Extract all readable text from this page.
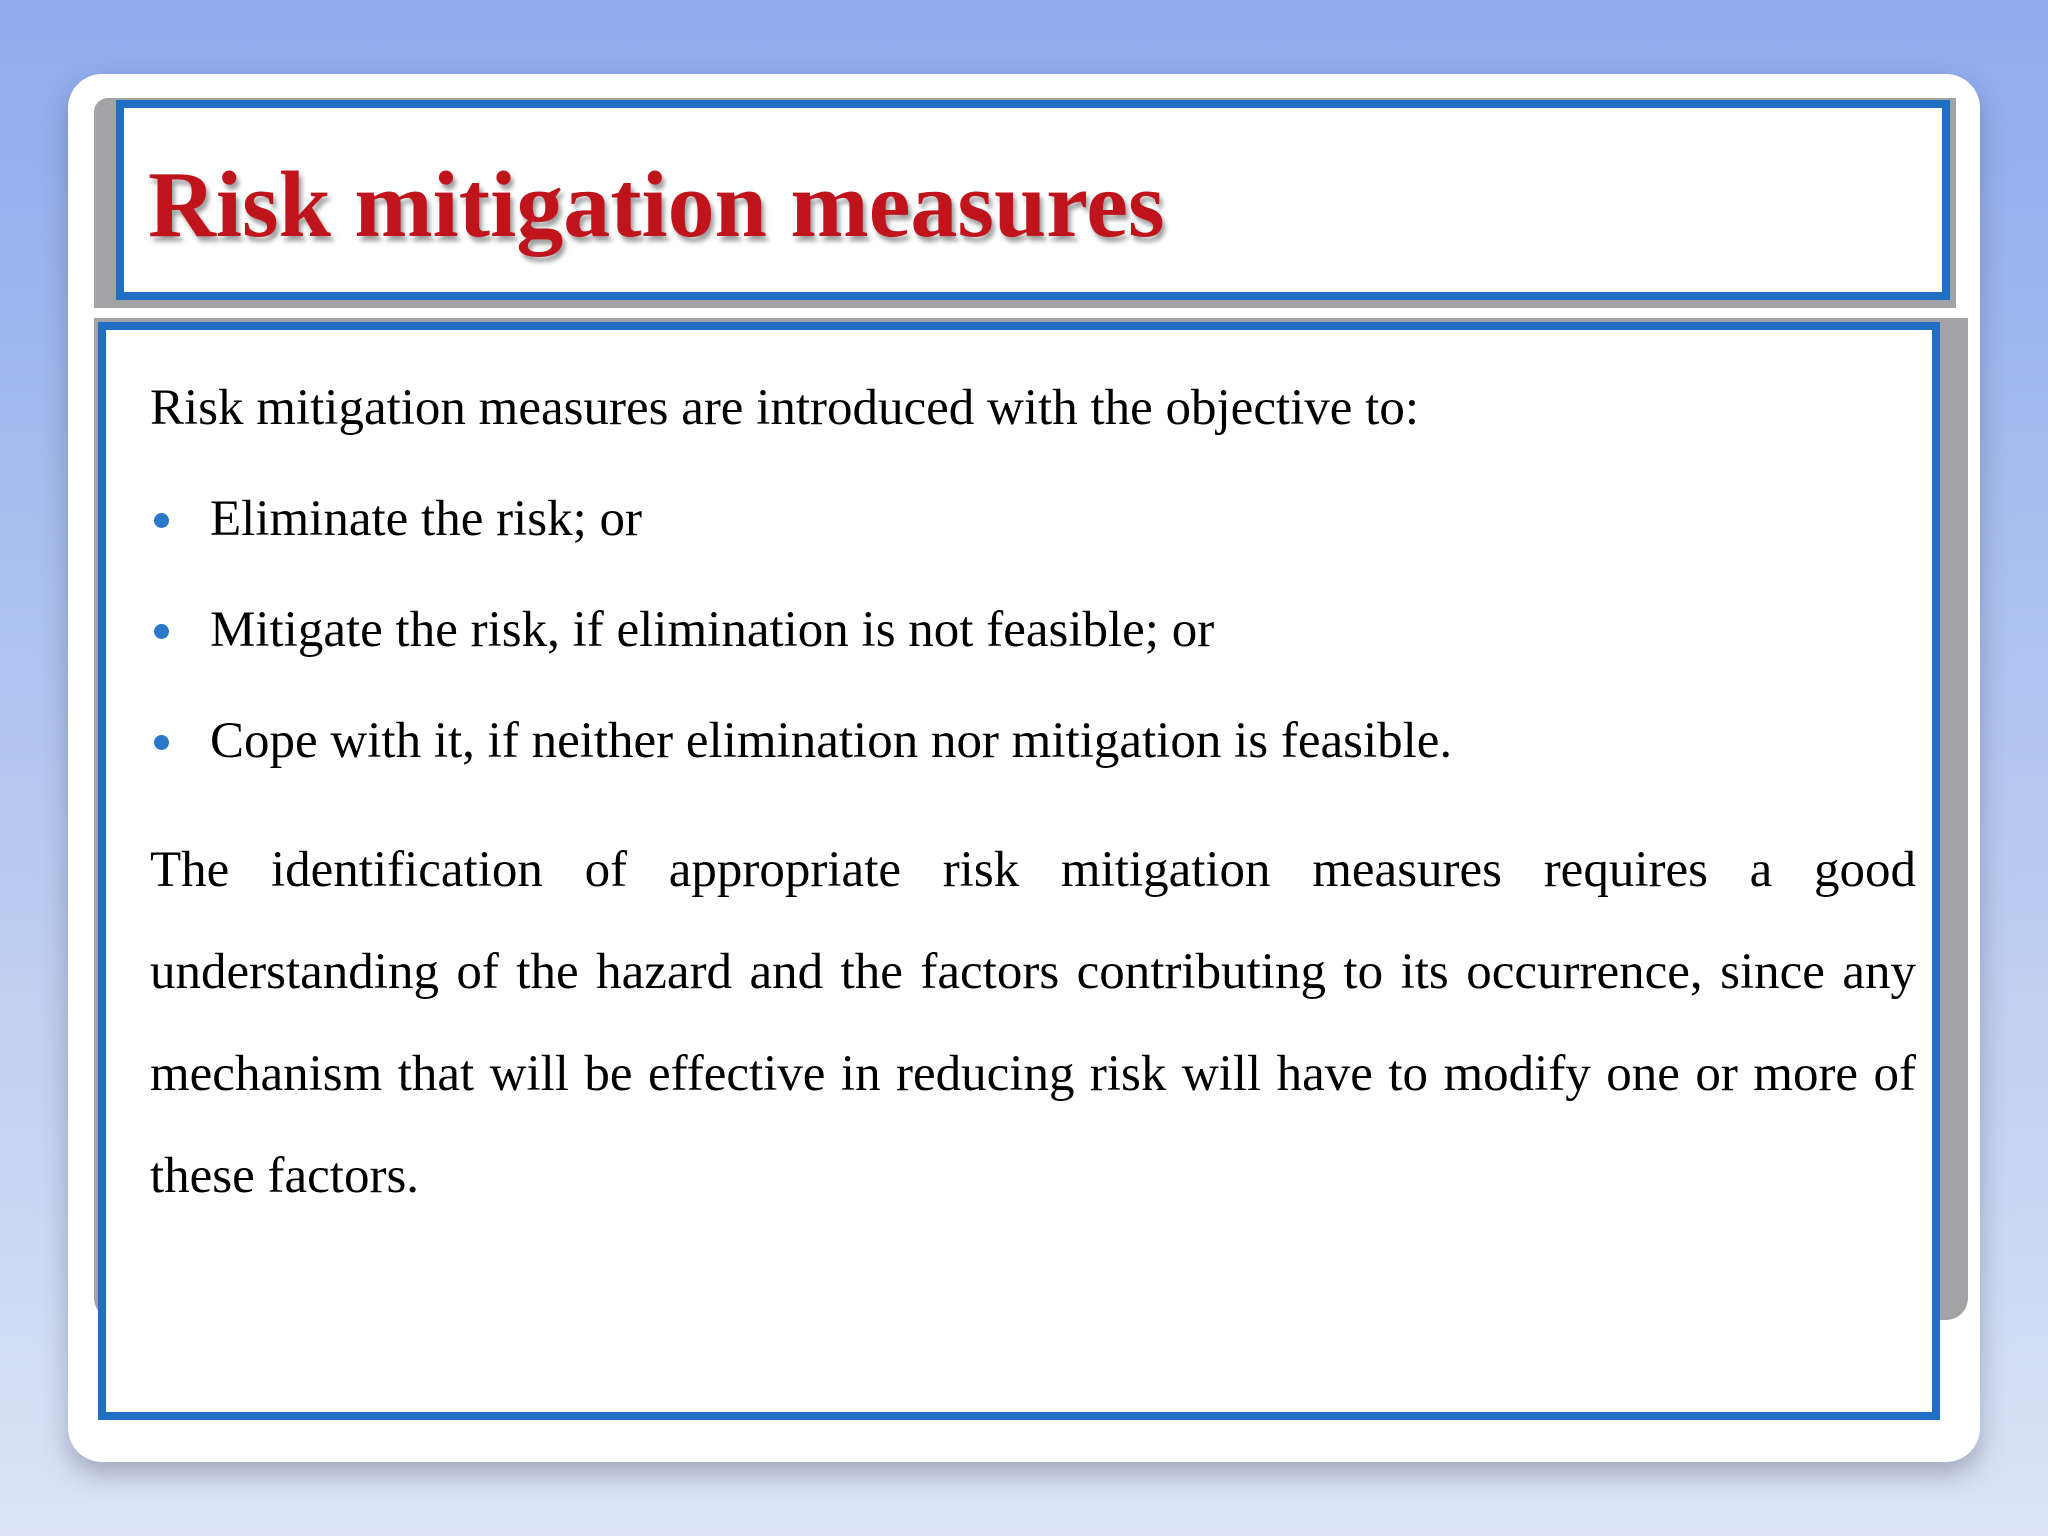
Risk mitigation measures

Risk mitigation measures are introduced with the objective to:

Eliminate the risk; or
Mitigate the risk, if elimination is not feasible; or
Cope with it, if neither elimination nor mitigation is feasible.

The identification of appropriate risk mitigation measures requires a good understanding of the hazard and the factors contributing to its occurrence, since any mechanism that will be effective in reducing risk will have to modify one or more of these factors.
